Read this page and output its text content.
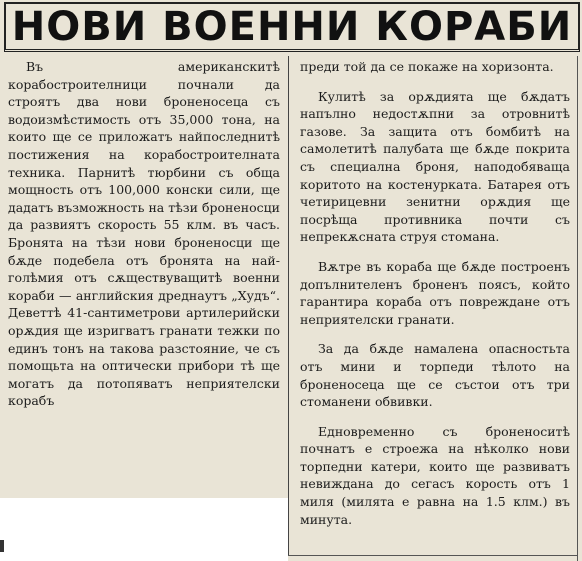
НОВИ ВОЕННИ КОРАБИ

Въ американскитѣ корабостроителници почнали да строятъ два нови броненосеца съ водоизмѣстимость отъ 35,000 тона, на които ще се приложатъ найпоследнитѣ постижения на корабостроителната техника. Парнитѣ тюрбини съ обща мощность отъ 100,000 конски сили, ще дадатъ възможность на тѣзи броненосци да развиятъ скорость 55 клм. въ часъ. Бронята на тѣзи нови броненосци ще бѫде подебела отъ бронята на най-голѣмия отъ сѫществуващитѣ военни кораби — английския дреднаутъ „Худъ“. Деветтѣ 41-сантиметрови артилерийски орѫдия ще изригватъ гранати тежки по единъ тонъ на такова разстояние, че съ помощьта на оптически прибори тѣ ще могатъ да потопяватъ неприятелски корабъ

преди той да се покаже на хоризонта.

Кулитѣ за орѫдията ще бѫдатъ напълно недостѫпни за отровнитѣ газове. За защита отъ бомбитѣ на самолетитѣ палубата ще бѫде покрита съ специална броня, наподобяваща коритото на костенурката. Батарея отъ четирицевни зенитни орѫдия ще посрѣща противника почти съ непрекѫсната струя стомана.

Вѫтре въ кораба ще бѫде построенъ допълнителенъ броненъ поясъ, който гарантира кораба отъ повреждане отъ неприятелски гранати.

За да бѫде намалена опасностьта отъ мини и торпеди тѣлото на броненосеца ще се състои отъ три стоманени обвивки.

Едновременно съ броненоситѣ почнатъ е строежа на нѣколко нови торпедни катери, които ще развиватъ невиждана до сегасъ корость отъ 1 миля (милята е равна на 1.5 клм.) въ минута.
